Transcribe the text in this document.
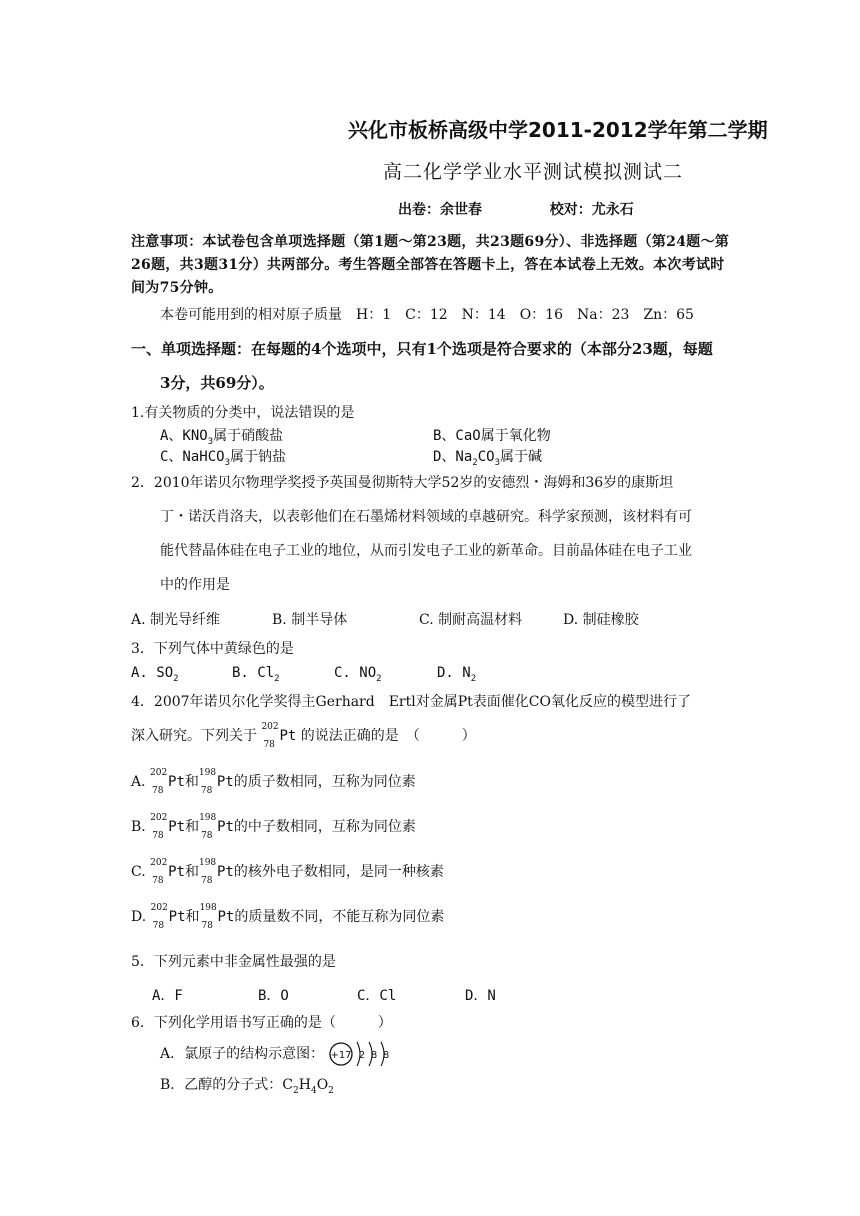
兴化市板桥高级中学2011-2012学年第二学期
高二化学学业水平测试模拟测试二
出卷：余世春	校对：尤永石
注意事项：本试卷包含单项选择题（第1题～第23题，共23题69分）、非选择题（第24题～第26题，共3题31分）共两部分。考生答题全部答在答题卡上，答在本试卷上无效。本次考试时间为75分钟。
本卷可能用到的相对原子质量　H：1　C：12　N：14　O：16　Na：23　Zn：65
一、单项选择题：在每题的4个选项中，只有1个选项是符合要求的（本部分23题，每题
3分，共69分）。
1.有关物质的分类中，说法错误的是
A、$KNO_3$属于硝酸盐	B、CaO属于氧化物
C、NaHCO$_3$属于钠盐	D、$Na_2CO_3$属于碱
2．2010年诺贝尔物理学奖授予英国曼彻斯特大学52岁的安德烈・海姆和36岁的康斯坦
丁・诺沃肖洛夫，以表彰他们在石墨烯材料领域的卓越研究。科学家预测，该材料有可
能代替晶体硅在电子工业的地位，从而引发电子工业的新革命。目前晶体硅在电子工业
中的作用是
A. 制光导纤维	B. 制半导体	C. 制耐高温材料	D. 制硅橡胶
3．下列气体中黄绿色的是
A. $SO_2$	B. $Cl_2$	C. $NO_2$	D. $N_2$
4．2007年诺贝尔化学奖得主Gerhard　Ertl对金属Pt表面催化CO氧化反应的模型进行了
深入研究。下列关于
202
78
Pt 的说法正确的是　（　　　）
A.
202
78
Pt和
198
78
Pt的质子数相同，互称为同位素
B.
202
78
Pt和
198
78
Pt的中子数相同，互称为同位素
C.
202
78
Pt和
198
78
Pt的核外电子数相同，是同一种核素
D.
202
78
Pt和
198
78
Pt的质量数不同，不能互称为同位素
5．下列元素中非金属性最强的是
A．F	B．O	C．Cl	D．N
6．下列化学用语书写正确的是（　　　）
A．氯原子的结构示意图： +17 2 8 8
B．乙醇的分子式：$C_2H_4O_2$
